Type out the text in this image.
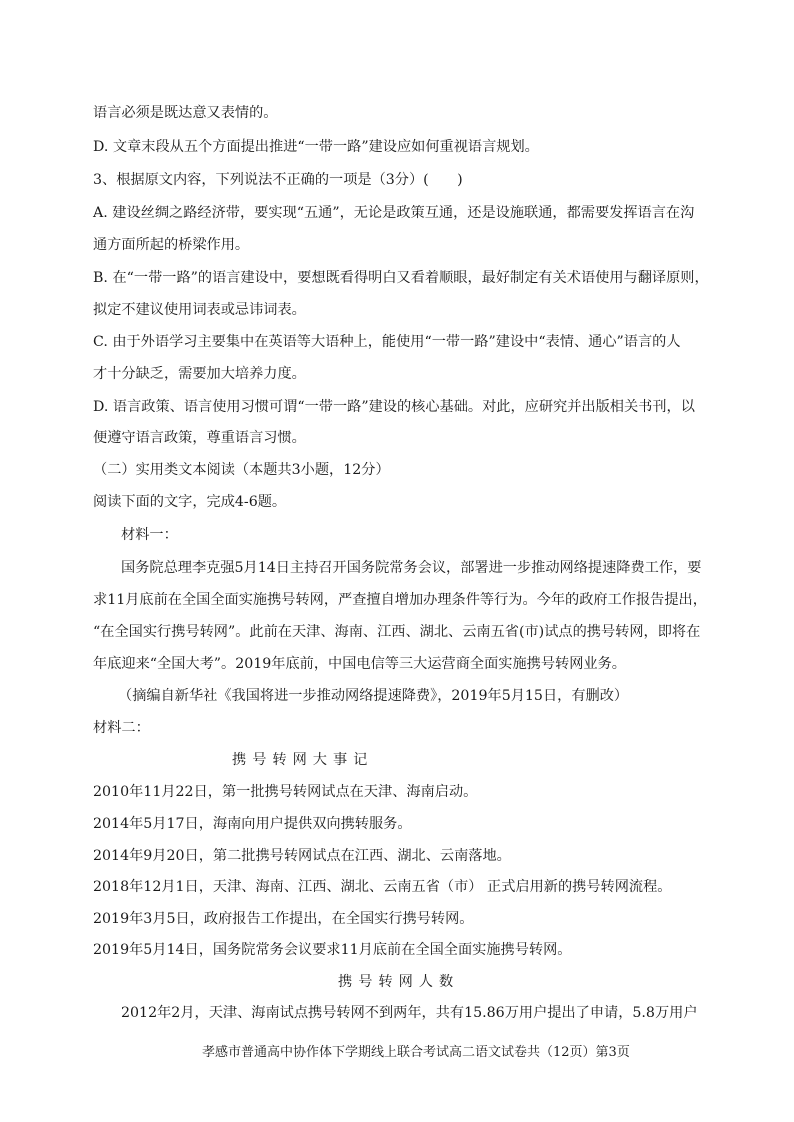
语言必须是既达意又表情的。
D. 文章末段从五个方面提出推进“一带一路”建设应如何重视语言规划。
3、根据原文内容，下列说法不正确的一项是（3分）(　　)
A. 建设丝绸之路经济带，要实现“五通”，无论是政策互通，还是设施联通，都需要发挥语言在沟
通方面所起的桥梁作用。
B. 在“一带一路”的语言建设中，要想既看得明白又看着顺眼，最好制定有关术语使用与翻译原则，
拟定不建议使用词表或忌讳词表。
C. 由于外语学习主要集中在英语等大语种上，能使用“一带一路”建设中“表情、通心”语言的人
才十分缺乏，需要加大培养力度。
D. 语言政策、语言使用习惯可谓“一带一路”建设的核心基础。对此，应研究并出版相关书刊，以
便遵守语言政策，尊重语言习惯。
（二）实用类文本阅读（本题共3小题，12分）
阅读下面的文字，完成4-6题。
材料一：
国务院总理李克强5月14日主持召开国务院常务会议，部署进一步推动网络提速降费工作，要
求11月底前在全国全面实施携号转网，严查擅自增加办理条件等行为。今年的政府工作报告提出，
“在全国实行携号转网”。此前在天津、海南、江西、湖北、云南五省(市)试点的携号转网，即将在
年底迎来“全国大考”。2019年底前，中国电信等三大运营商全面实施携号转网业务。
（摘编自新华社《我国将进一步推动网络提速降费》，2019年5月15日，有删改）
材料二：
携号转网大事记
2010年11月22日，第一批携号转网试点在天津、海南启动。
2014年5月17日，海南向用户提供双向携转服务。
2014年9月20日，第二批携号转网试点在江西、湖北、云南落地。
2018年12月1日，天津、海南、江西、湖北、云南五省（市） 正式启用新的携号转网流程。
2019年3月5日，政府报告工作提出，在全国实行携号转网。
2019年5月14日，国务院常务会议要求11月底前在全国全面实施携号转网。
携号转网人数
2012年2月，天津、海南试点携号转网不到两年，共有15.86万用户提出了申请，5.8万用户
孝感市普通高中协作体下学期线上联合考试高二语文试卷共（12页）第3页
